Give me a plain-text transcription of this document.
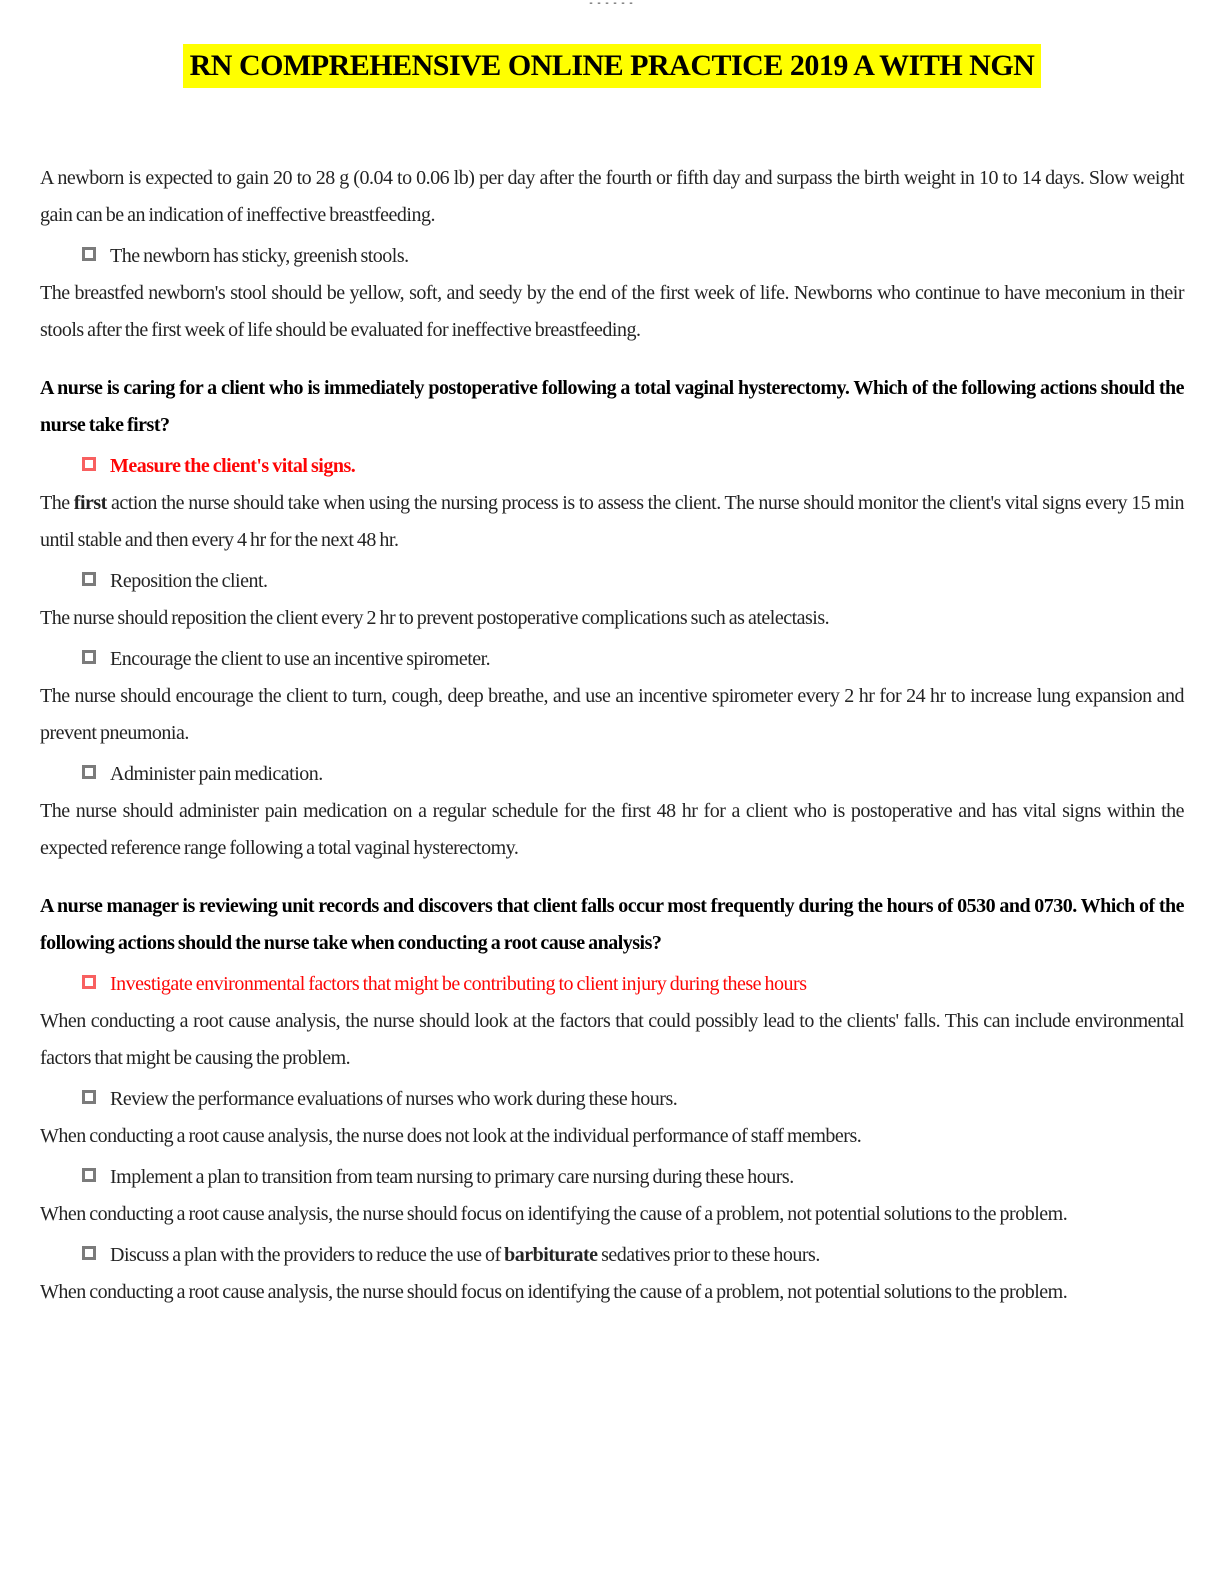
------
RN COMPREHENSIVE ONLINE PRACTICE 2019 A WITH NGN

A newborn is expected to gain 20 to 28 g (0.04 to 0.06 lb) per day after the fourth or fifth day and surpass the birth weight in 10 to 14 days. Slow weight gain can be an indication of ineffective breastfeeding.

The newborn has sticky, greenish stools.

The breastfed newborn's stool should be yellow, soft, and seedy by the end of the first week of life. Newborns who continue to have meconium in their stools after the first week of life should be evaluated for ineffective breastfeeding.

A nurse is caring for a client who is immediately postoperative following a total vaginal hysterectomy. Which of the following actions should the nurse take first?

Measure the client's vital signs.

The first action the nurse should take when using the nursing process is to assess the client. The nurse should monitor the client's vital signs every 15 min until stable and then every 4 hr for the next 48 hr.

Reposition the client.

The nurse should reposition the client every 2 hr to prevent postoperative complications such as atelectasis.

Encourage the client to use an incentive spirometer.

The nurse should encourage the client to turn, cough, deep breathe, and use an incentive spirometer every 2 hr for 24 hr to increase lung expansion and prevent pneumonia.

Administer pain medication.

The nurse should administer pain medication on a regular schedule for the first 48 hr for a client who is postoperative and has vital signs within the expected reference range following a total vaginal hysterectomy.

A nurse manager is reviewing unit records and discovers that client falls occur most frequently during the hours of 0530 and 0730. Which of the following actions should the nurse take when conducting a root cause analysis?

Investigate environmental factors that might be contributing to client injury during these hours

When conducting a root cause analysis, the nurse should look at the factors that could possibly lead to the clients' falls. This can include environmental factors that might be causing the problem.

Review the performance evaluations of nurses who work during these hours.

When conducting a root cause analysis, the nurse does not look at the individual performance of staff members.

Implement a plan to transition from team nursing to primary care nursing during these hours.

When conducting a root cause analysis, the nurse should focus on identifying the cause of a problem, not potential solutions to the problem.

Discuss a plan with the providers to reduce the use of barbiturate sedatives prior to these hours.

When conducting a root cause analysis, the nurse should focus on identifying the cause of a problem, not potential solutions to the problem.
